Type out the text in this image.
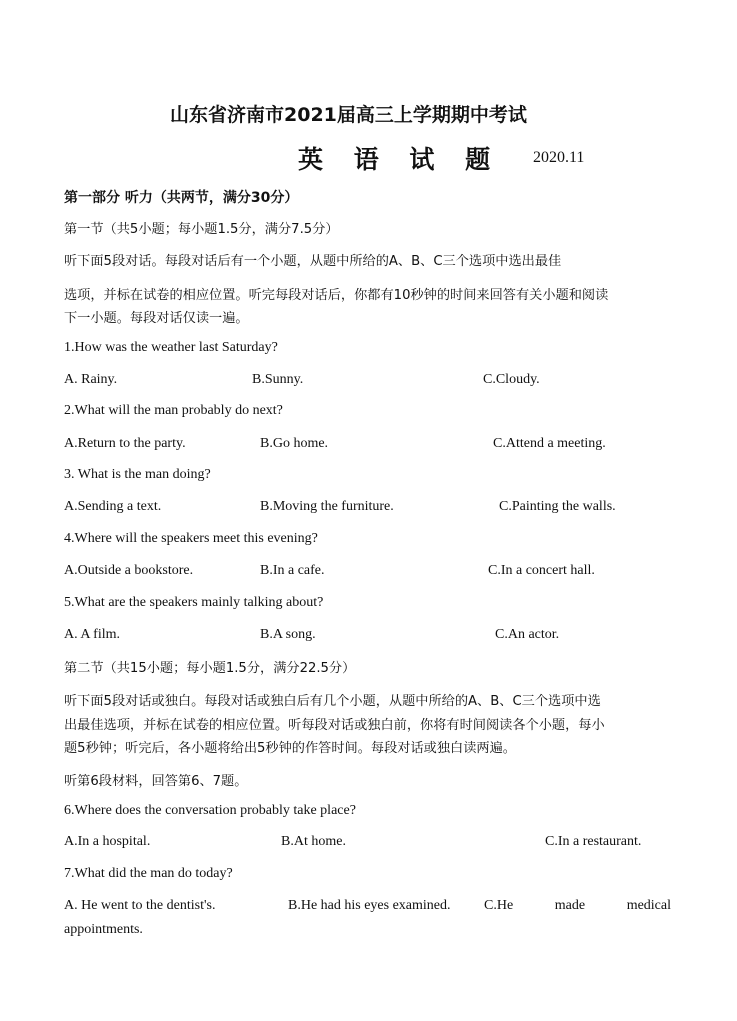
山东省济南市2021届高三上学期期中考试
英 语 试 题 2020.11
第一部分 听力（共两节，满分30分）
第一节（共5小题；每小题1.5分，满分7.5分）
听下面5段对话。每段对话后有一个小题，从题中所给的A、B、C三个选项中选出最佳
选项，并标在试卷的相应位置。听完每段对话后，你都有10秒钟的时间来回答有关小题和阅读
下一小题。每段对话仅读一遍。
1.How was the weather last Saturday?
A. Rainy.	B.Sunny.	C.Cloudy.
2.What will the man probably do next?
A.Return to the party.	B.Go home.	C.Attend a meeting.
3. What is the man doing?
A.Sending a text.	B.Moving the furniture.	C.Painting the walls.
4.Where will the speakers meet this evening?
A.Outside a bookstore.	B.In a cafe.	C.In a concert hall.
5.What are the speakers mainly talking about?
A. A film.	B.A song.	C.An actor.
第二节（共15小题；每小题1.5分，满分22.5分）
听下面5段对话或独白。每段对话或独白后有几个小题，从题中所给的A、B、C三个选项中选
出最佳选项，并标在试卷的相应位置。听每段对话或独白前，你将有时间阅读各个小题，每小
题5秒钟；听完后，各小题将给出5秒钟的作答时间。每段对话或独白读两遍。
听第6段材料，回答第6、7题。
6.Where does the conversation probably take place?
A.In a hospital.	B.At home.	C.In a restaurant.
7.What did the man do today?
A. He went to the dentist's.	B.He had his eyes examined. C.He	made	medical
appointments.
